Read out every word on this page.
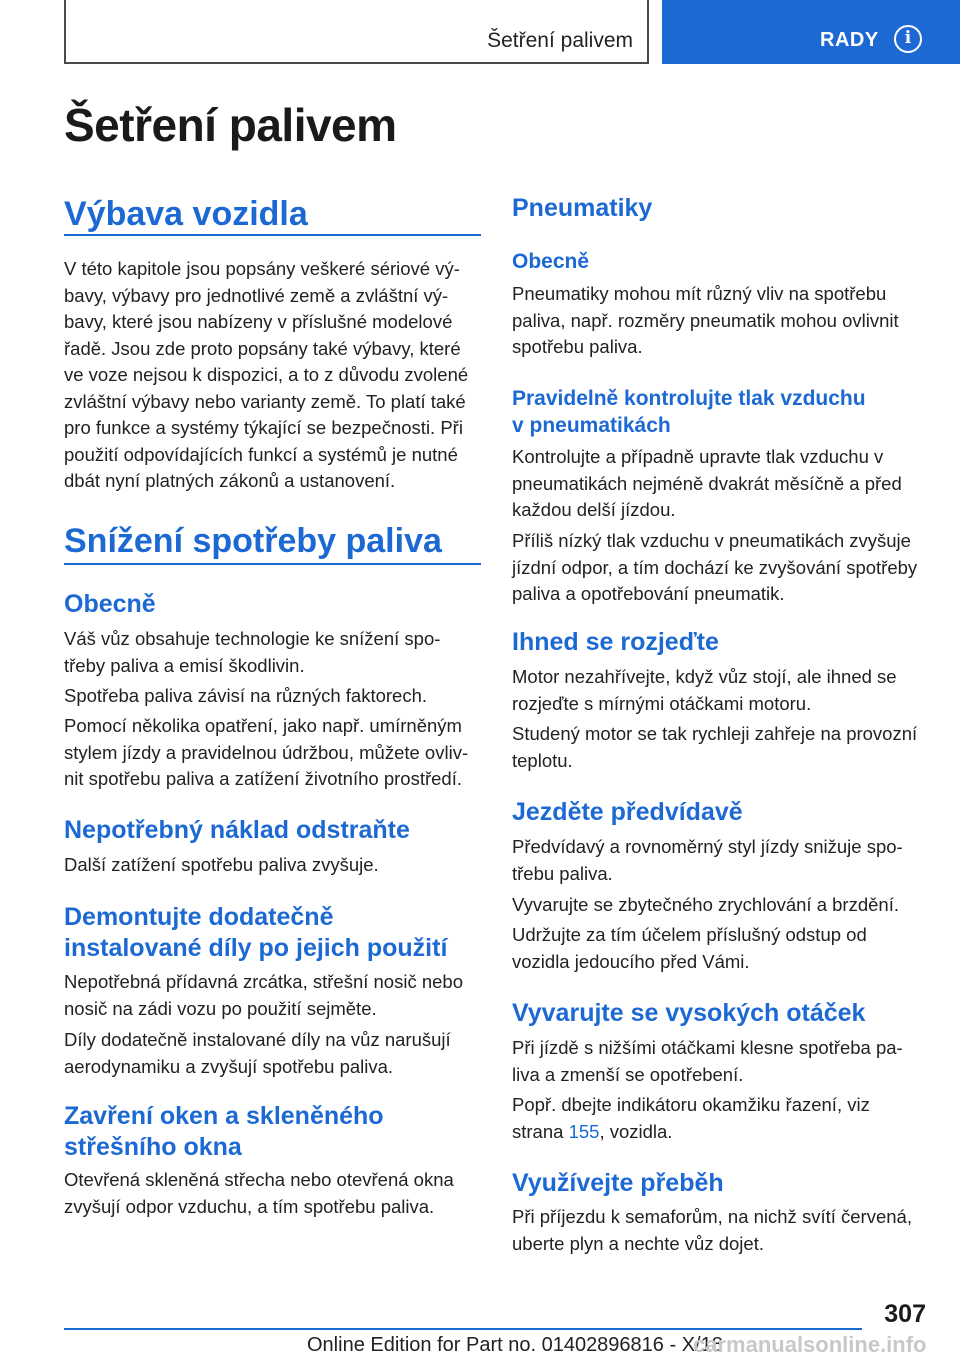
Šetření palivem	RADY	i
Šetření palivem
Výbava vozidla
V této kapitole jsou popsány veškeré sériové vý‐
bavy, výbavy pro jednotlivé země a zvláštní vý‐
bavy, které jsou nabízeny v příslušné modelové
řadě. Jsou zde proto popsány také výbavy, které
ve voze nejsou k dispozici, a to z důvodu zvolené
zvláštní výbavy nebo varianty země. To platí také
pro funkce a systémy týkající se bezpečnosti. Při
použití odpovídajících funkcí a systémů je nutné
dbát nyní platných zákonů a ustanovení.
Snížení spotřeby paliva
Obecně
Váš vůz obsahuje technologie ke snížení spo‐
třeby paliva a emisí škodlivin.
Spotřeba paliva závisí na různých faktorech.
Pomocí několika opatření, jako např. umírněným
stylem jízdy a pravidelnou údržbou, můžete ovliv‐
nit spotřebu paliva a zatížení životního prostředí.
Nepotřebný náklad odstraňte
Další zatížení spotřebu paliva zvyšuje.
Demontujte dodatečně
instalované díly po jejich použití
Nepotřebná přídavná zrcátka, střešní nosič nebo
nosič na zádi vozu po použití sejměte.
Díly dodatečně instalované díly na vůz narušují
aerodynamiku a zvyšují spotřebu paliva.
Zavření oken a skleněného
střešního okna
Otevřená skleněná střecha nebo otevřená okna
zvyšují odpor vzduchu, a tím spotřebu paliva.
Pneumatiky
Obecně
Pneumatiky mohou mít různý vliv na spotřebu
paliva, např. rozměry pneumatik mohou ovlivnit
spotřebu paliva.
Pravidelně kontrolujte tlak vzduchu
v pneumatikách
Kontrolujte a případně upravte tlak vzduchu v
pneumatikách nejméně dvakrát měsíčně a před
každou delší jízdou.
Příliš nízký tlak vzduchu v pneumatikách zvyšuje
jízdní odpor, a tím dochází ke zvyšování spotřeby
paliva a opotřebování pneumatik.
Ihned se rozjeďte
Motor nezahřívejte, když vůz stojí, ale ihned se
rozjeďte s mírnými otáčkami motoru.
Studený motor se tak rychleji zahřeje na provozní
teplotu.
Jezděte předvídavě
Předvídavý a rovnoměrný styl jízdy snižuje spo‐
třebu paliva.
Vyvarujte se zbytečného zrychlování a brzdění.
Udržujte za tím účelem příslušný odstup od
vozidla jedoucího před Vámi.
Vyvarujte se vysokých otáček
Při jízdě s nižšími otáčkami klesne spotřeba pa‐
liva a zmenší se opotřebení.
Popř. dbejte indikátoru okamžiku řazení, viz
strana 155, vozidla.
Využívejte přeběh
Při příjezdu k semaforům, na nichž svítí červená,
uberte plyn a nechte vůz dojet.
307
Online Edition for Part no. 01402896816 - X/18
carmanualsonline.info
